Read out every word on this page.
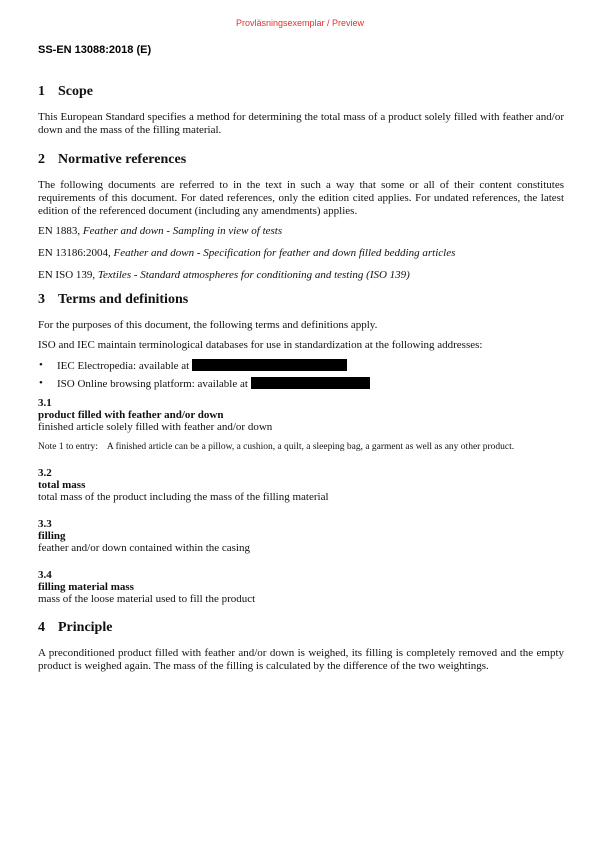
Provläsningsexemplar / Preview
SS-EN 13088:2018 (E)
1 Scope

This European Standard specifies a method for determining the total mass of a product solely filled with feather and/or down and the mass of the filling material.

2 Normative references

The following documents are referred to in the text in such a way that some or all of their content constitutes requirements of this document. For dated references, only the edition cited applies. For undated references, the latest edition of the referenced document (including any amendments) applies.

EN 1883, Feather and down - Sampling in view of tests

EN 13186:2004, Feather and down - Specification for feather and down filled bedding articles

EN ISO 139, Textiles - Standard atmospheres for conditioning and testing (ISO 139)

3 Terms and definitions

For the purposes of this document, the following terms and definitions apply.

ISO and IEC maintain terminological databases for use in standardization at the following addresses:

• IEC Electropedia: available at
• ISO Online browsing platform: available at
3.1
product filled with feather and/or down
finished article solely filled with feather and/or down
Note 1 to entry:    A finished article can be a pillow, a cushion, a quilt, a sleeping bag, a garment as well as any other product.
3.2
total mass
total mass of the product including the mass of the filling material
3.3
filling
feather and/or down contained within the casing
3.4
filling material mass
mass of the loose material used to fill the product
4 Principle

A preconditioned product filled with feather and/or down is weighed, its filling is completely removed and the empty product is weighed again. The mass of the filling is calculated by the difference of the two weightings.
